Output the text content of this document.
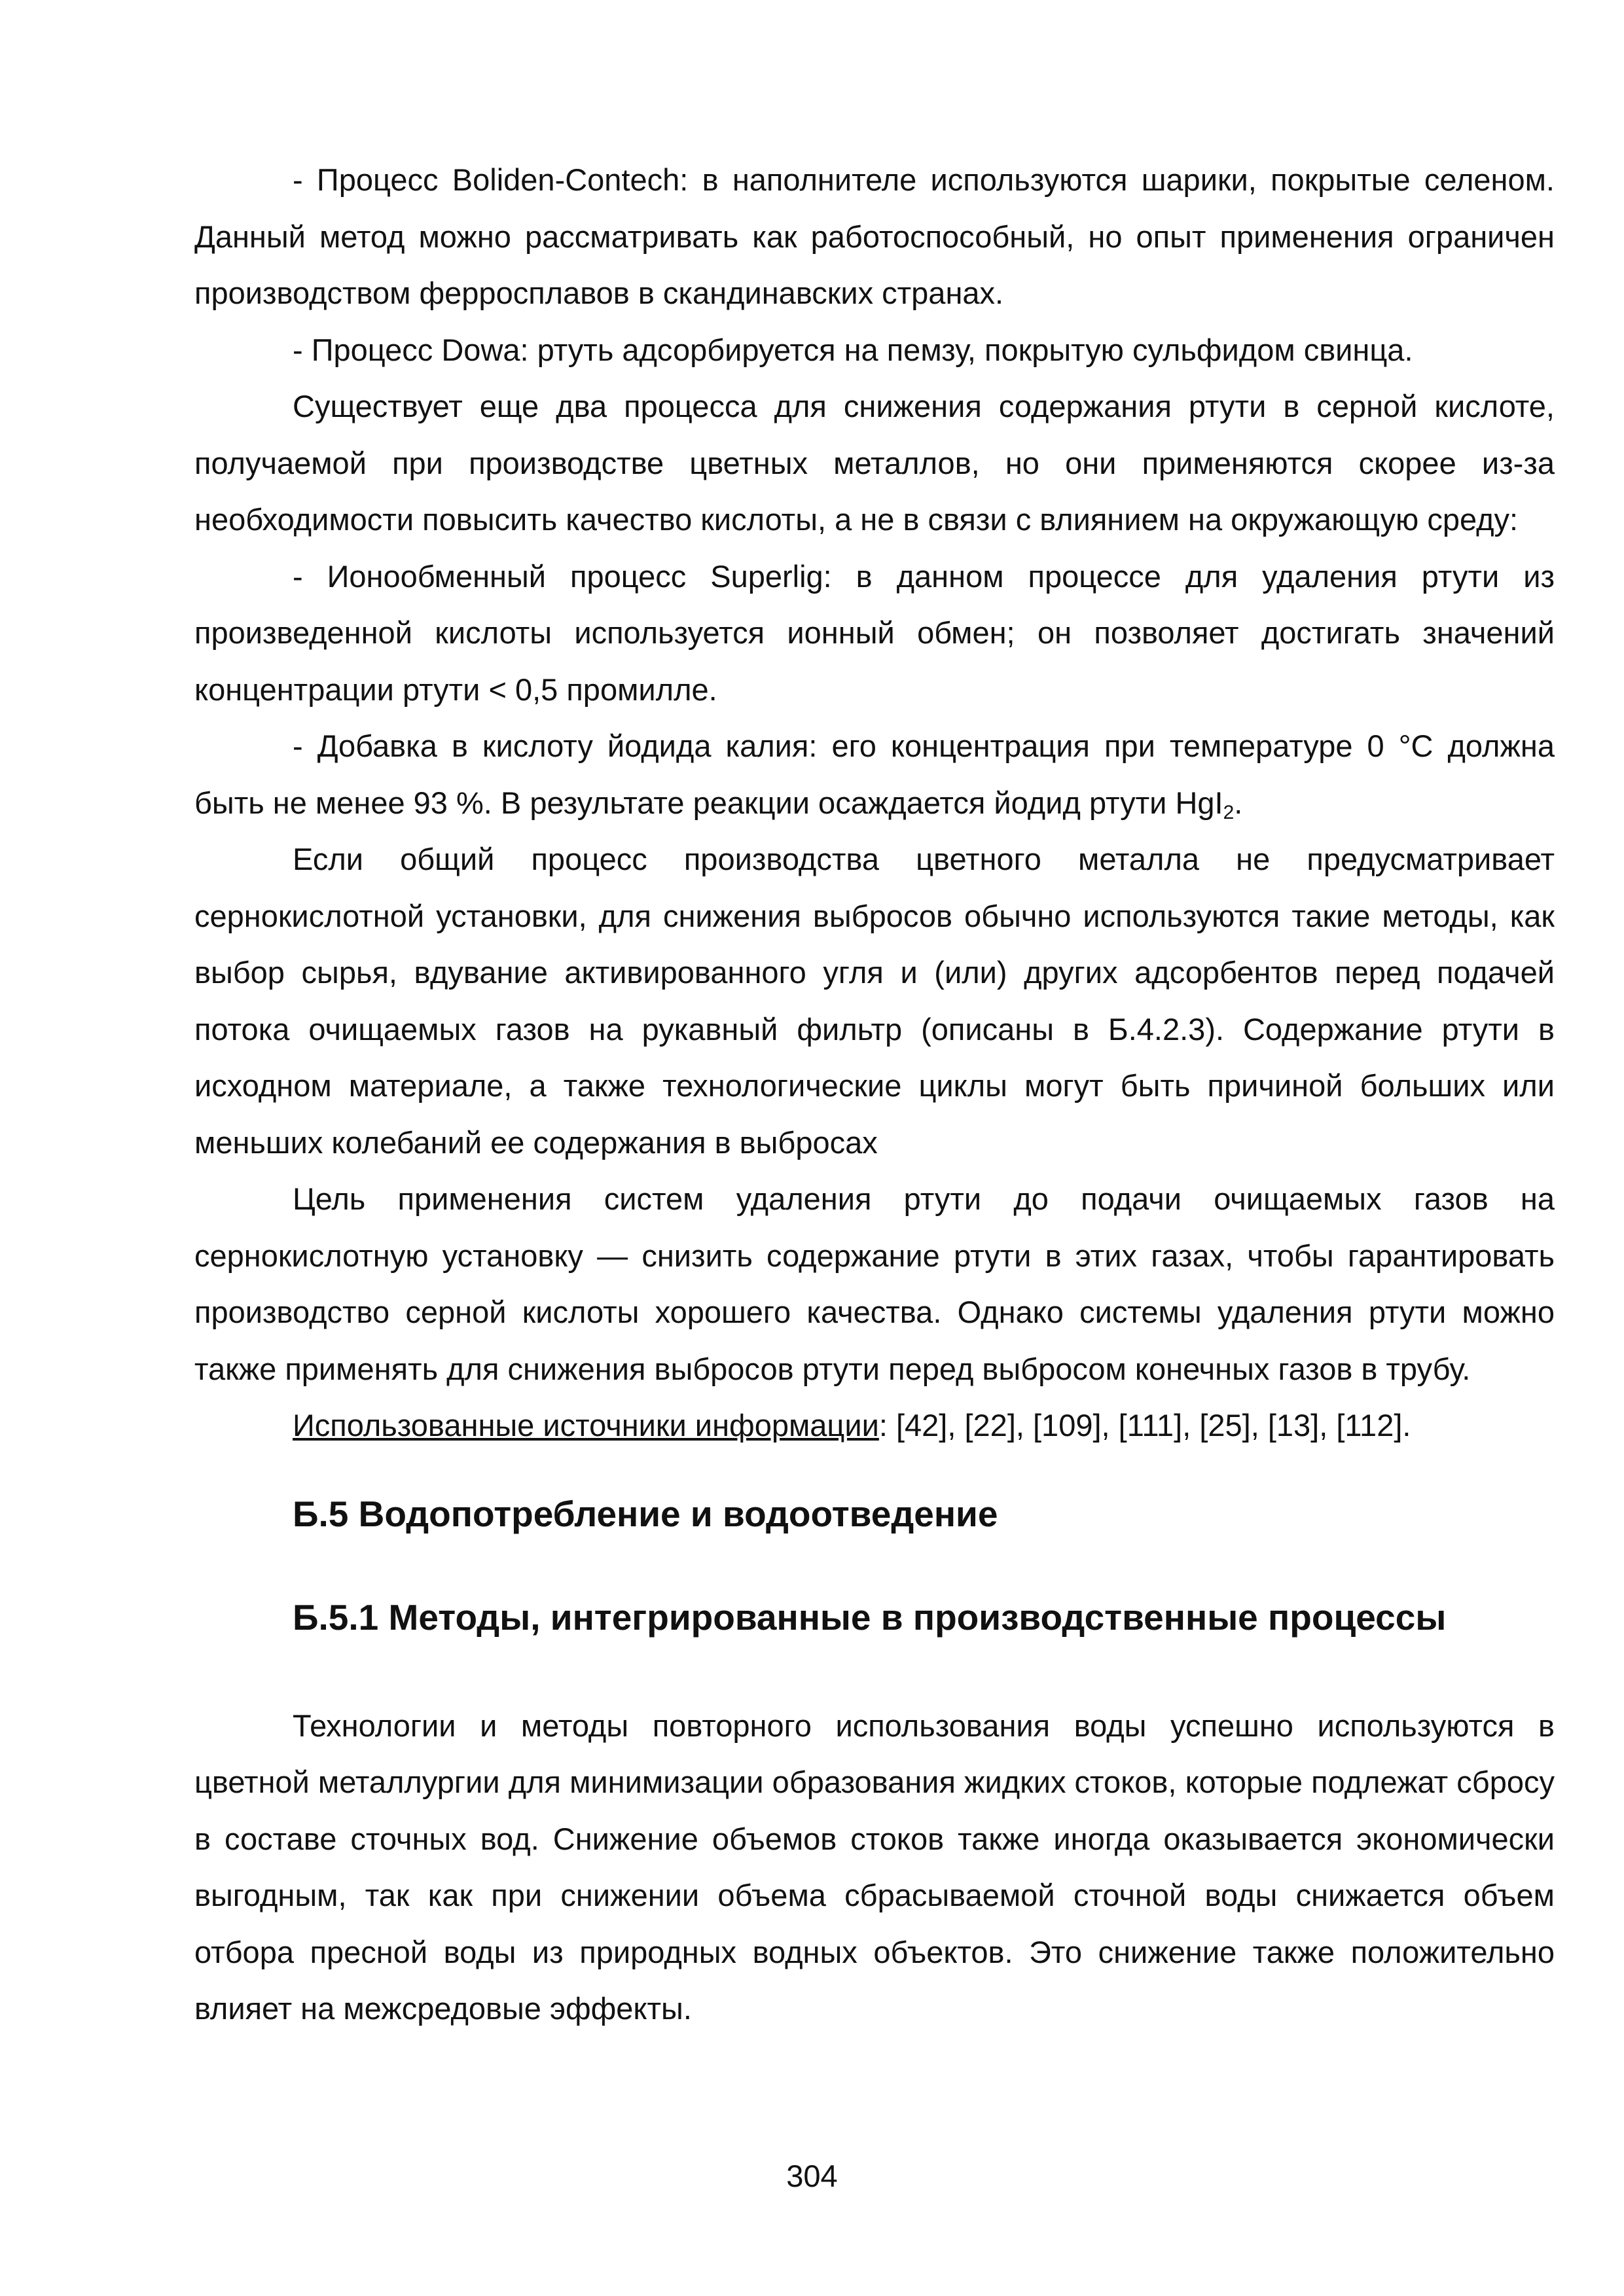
- Процесс Boliden-Contech: в наполнителе используются шарики, покрытые селеном. Данный метод можно рассматривать как работоспособный, но опыт применения ограничен производством ферросплавов в скандинавских странах.

- Процесс Dowa: ртуть адсорбируется на пемзу, покрытую сульфидом свинца.

Существует еще два процесса для снижения содержания ртути в серной кислоте, получаемой при производстве цветных металлов, но они применяются скорее из-за необходимости повысить качество кислоты, а не в связи с влиянием на окружающую среду:

- Ионообменный процесс Superlig: в данном процессе для удаления ртути из произведенной кислоты используется ионный обмен; он позволяет достигать значений концентрации ртути < 0,5 промилле.

- Добавка в кислоту йодида калия: его концентрация при температуре 0 °C должна быть не менее 93 %. В результате реакции осаждается йодид ртути HgI$_2$.

Если общий процесс производства цветного металла не предусматривает сернокислотной установки, для снижения выбросов обычно используются такие методы, как выбор сырья, вдувание активированного угля и (или) других адсорбентов перед подачей потока очищаемых газов на рукавный фильтр (описаны в Б.4.2.3). Содержание ртути в исходном материале, а также технологические циклы могут быть причиной больших или меньших колебаний ее содержания в выбросах

Цель применения систем удаления ртути до подачи очищаемых газов на сернокислотную установку — снизить содержание ртути в этих газах, чтобы гарантировать производство серной кислоты хорошего качества. Однако системы удаления ртути можно также применять для снижения выбросов ртути перед выбросом конечных газов в трубу.

Использованные источники информации: [42], [22], [109], [111], [25], [13], [112].

Б.5 Водопотребление и водоотведение
Б.5.1 Методы, интегрированные в производственные процессы

Технологии и методы повторного использования воды успешно используются в цветной металлургии для минимизации образования жидких стоков, которые подлежат сбросу в составе сточных вод. Снижение объемов стоков также иногда оказывается экономически выгодным, так как при снижении объема сбрасываемой сточной воды снижается объем отбора пресной воды из природных водных объектов. Это снижение также положительно влияет на межсредовые эффекты.

304
